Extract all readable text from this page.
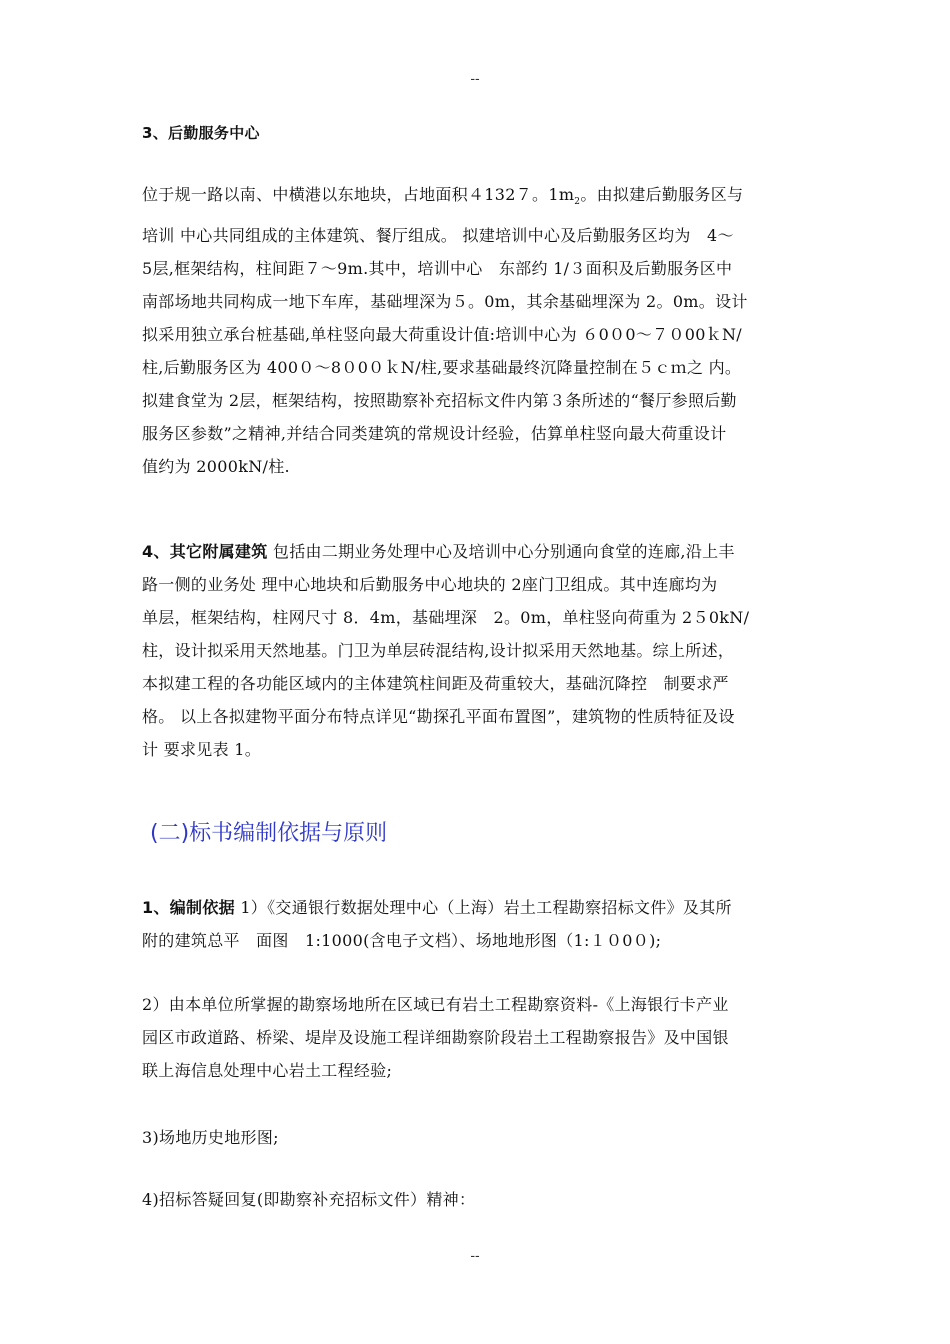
--
3、后勤服务中心
位于规一路以南、中横港以东地块，占地面积４132７。$1m_2$。由拟建后勤服务区与
培训 中心共同组成的主体建筑、餐厅组成。 拟建培训中心及后勤服务区均为　4～
5层,框架结构，柱间距７～9m.其中，培训中心　东部约 1/３面积及后勤服务区中
南部场地共同构成一地下车库，基础埋深为５。0m，其余基础埋深为 2。0m。设计
拟采用独立承台桩基础,单柱竖向最大荷重设计值:培训中心为 ６0０0～７０00ｋN/
柱,后勤服务区为 400０～8０0０ｋN/柱,要求基础最终沉降量控制在５ｃｍ之 内。
拟建食堂为 2层，框架结构，按照勘察补充招标文件内第３条所述的“餐厅参照后勤
服务区参数”之精神,并结合同类建筑的常规设计经验，估算单柱竖向最大荷重设计
值约为 2000kN/柱.
4、其它附属建筑 包括由二期业务处理中心及培训中心分别通向食堂的连廊,沿上丰
路一侧的业务处 理中心地块和后勤服务中心地块的 2座门卫组成。其中连廊均为
单层，框架结构，柱网尺寸 8．4m，基础埋深　2。0m，单柱竖向荷重为 2５0kN/
柱，设计拟采用天然地基。门卫为单层砖混结构,设计拟采用天然地基。综上所述，
本拟建工程的各功能区域内的主体建筑柱间距及荷重较大，基础沉降控　制要求严
格。 以上各拟建物平面分布特点详见“勘探孔平面布置图”，建筑物的性质特征及设
计 要求见表 1。
(二)标书编制依据与原则
1、编制依据 1）《交通银行数据处理中心（上海）岩土工程勘察招标文件》及其所
附的建筑总平　面图　1:1000(含电子文档）、场地地形图（1:１０0０);
2）由本单位所掌握的勘察场地所在区域已有岩土工程勘察资料-《上海银行卡产业
园区市政道路、桥梁、堤岸及设施工程详细勘察阶段岩土工程勘察报告》及中国银
联上海信息处理中心岩土工程经验;
3)场地历史地形图;
4)招标答疑回复(即勘察补充招标文件）精神：
--
